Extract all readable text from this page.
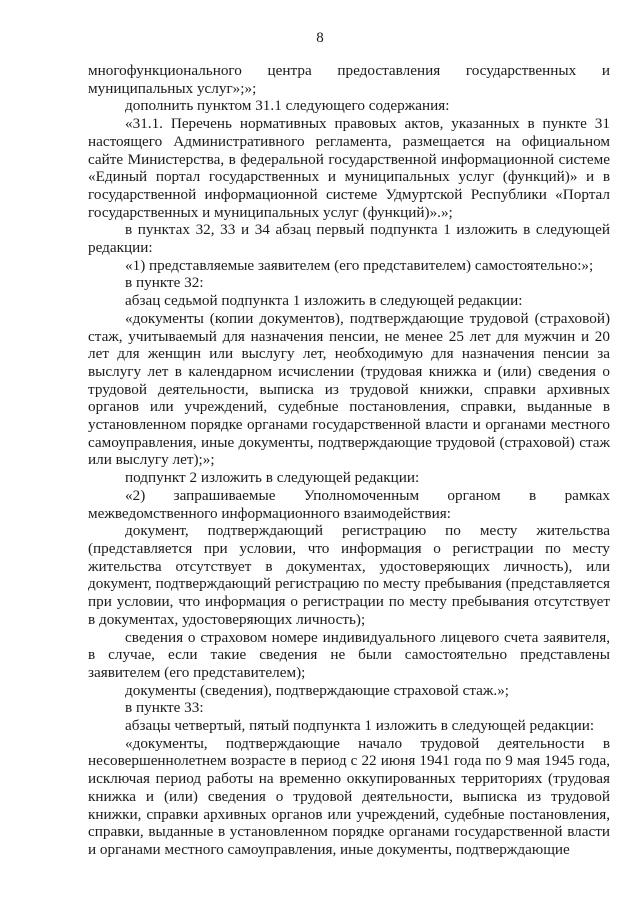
8

многофункционального центра предоставления государственных и муниципальных услуг»;»;

дополнить пунктом 31.1 следующего содержания:

«31.1. Перечень нормативных правовых актов, указанных в пункте 31 настоящего Административного регламента, размещается на официальном сайте Министерства, в федеральной государственной информационной системе «Единый портал государственных и муниципальных услуг (функций)» и в государственной информационной системе Удмуртской Республики «Портал государственных и муниципальных услуг (функций)».»;

в пунктах 32, 33 и 34 абзац первый подпункта 1 изложить в следующей редакции:

«1) представляемые заявителем (его представителем) самостоятельно:»;

в пункте 32:

абзац седьмой подпункта 1 изложить в следующей редакции:

«документы (копии документов), подтверждающие трудовой (страховой) стаж, учитываемый для назначения пенсии, не менее 25 лет для мужчин и 20 лет для женщин или выслугу лет, необходимую для назначения пенсии за выслугу лет в календарном исчислении (трудовая книжка и (или) сведения о трудовой деятельности, выписка из трудовой книжки, справки архивных органов или учреждений, судебные постановления, справки, выданные в установленном порядке органами государственной власти и органами местного самоуправления, иные документы, подтверждающие трудовой (страховой) стаж или выслугу лет);»;

подпункт 2 изложить в следующей редакции:

«2) запрашиваемые Уполномоченным органом в рамках межведомственного информационного взаимодействия:

документ, подтверждающий регистрацию по месту жительства (представляется при условии, что информация о регистрации по месту жительства отсутствует в документах, удостоверяющих личность), или документ, подтверждающий регистрацию по месту пребывания (представляется при условии, что информация о регистрации по месту пребывания отсутствует в документах, удостоверяющих личность);

сведения о страховом номере индивидуального лицевого счета заявителя, в случае, если такие сведения не были самостоятельно представлены заявителем (его представителем);

документы (сведения), подтверждающие страховой стаж.»;

в пункте 33:

абзацы четвертый, пятый подпункта 1 изложить в следующей редакции:

«документы, подтверждающие начало трудовой деятельности в несовершеннолетнем возрасте в период с 22 июня 1941 года по 9 мая 1945 года, исключая период работы на временно оккупированных территориях (трудовая книжка и (или) сведения о трудовой деятельности, выписка из трудовой книжки, справки архивных органов или учреждений, судебные постановления, справки, выданные в установленном порядке органами государственной власти и органами местного самоуправления, иные документы, подтверждающие
